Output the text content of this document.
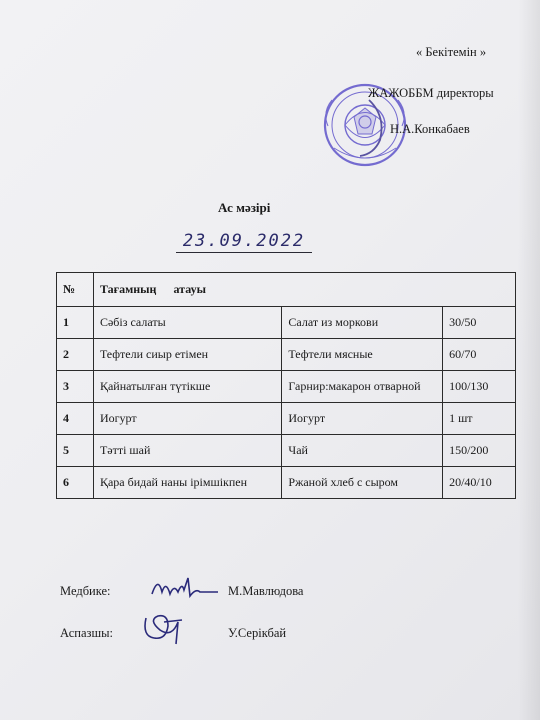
« Бекітемін »
ЖАЖОББМ директоры
Н.А.Конкабаев
Ас мәзірі
23.09.2022
№	Тағамның атауы		
1	Сәбіз салаты	Салат из моркови	30/50
2	Тефтели сиыр етімен	Тефтели мясные	60/70
3	Қайнатылған түтікше	Гарнир:макарон отварной	100/130
4	Иогурт	Иогурт	1 шт
5	Тәтті шай	Чай	150/200
6	Қара бидай наны ірімшікпен	Ржаной хлеб с сыром	20/40/10
Медбике:	М.Мавлюдова
Аспазшы:	У.Серікбай
